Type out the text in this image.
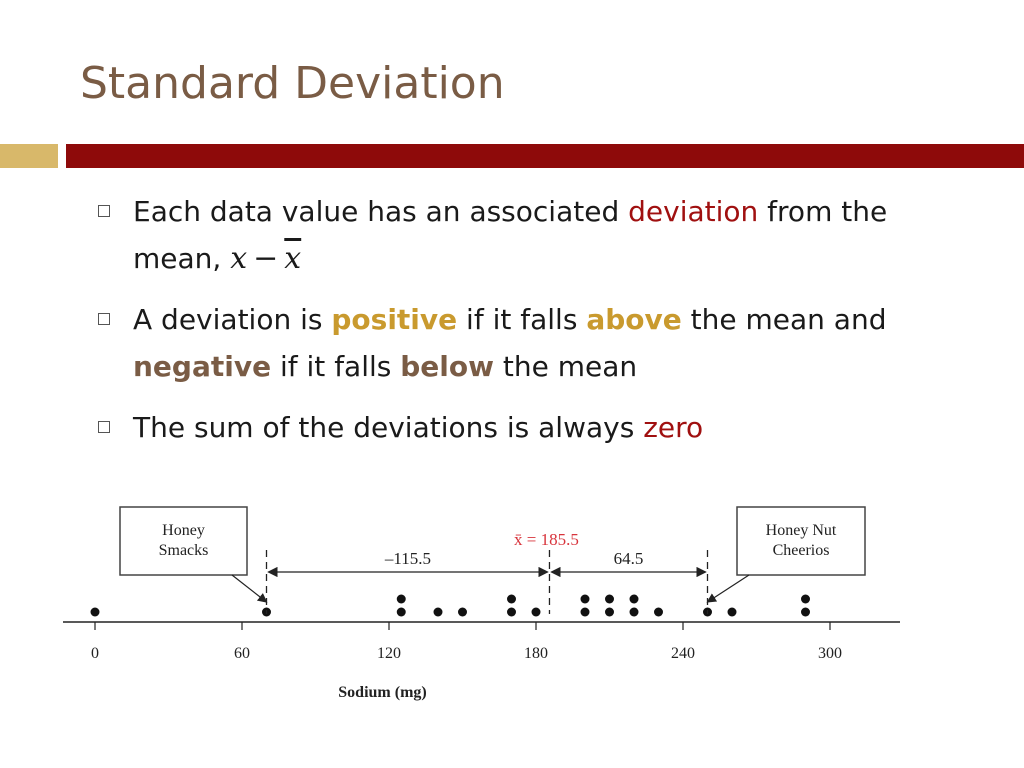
Standard Deviation
Each data value has an associated deviation from the mean, $x - \overline{x}$
A deviation is positive if it falls above the mean and negative if it falls below the mean
The sum of the deviations is always zero
0	60	120	180	240	300
Sodium (mg)
–115.5	64.5
x̄ = 185.5
Honey
Smacks
Honey Nut
Cheerios
